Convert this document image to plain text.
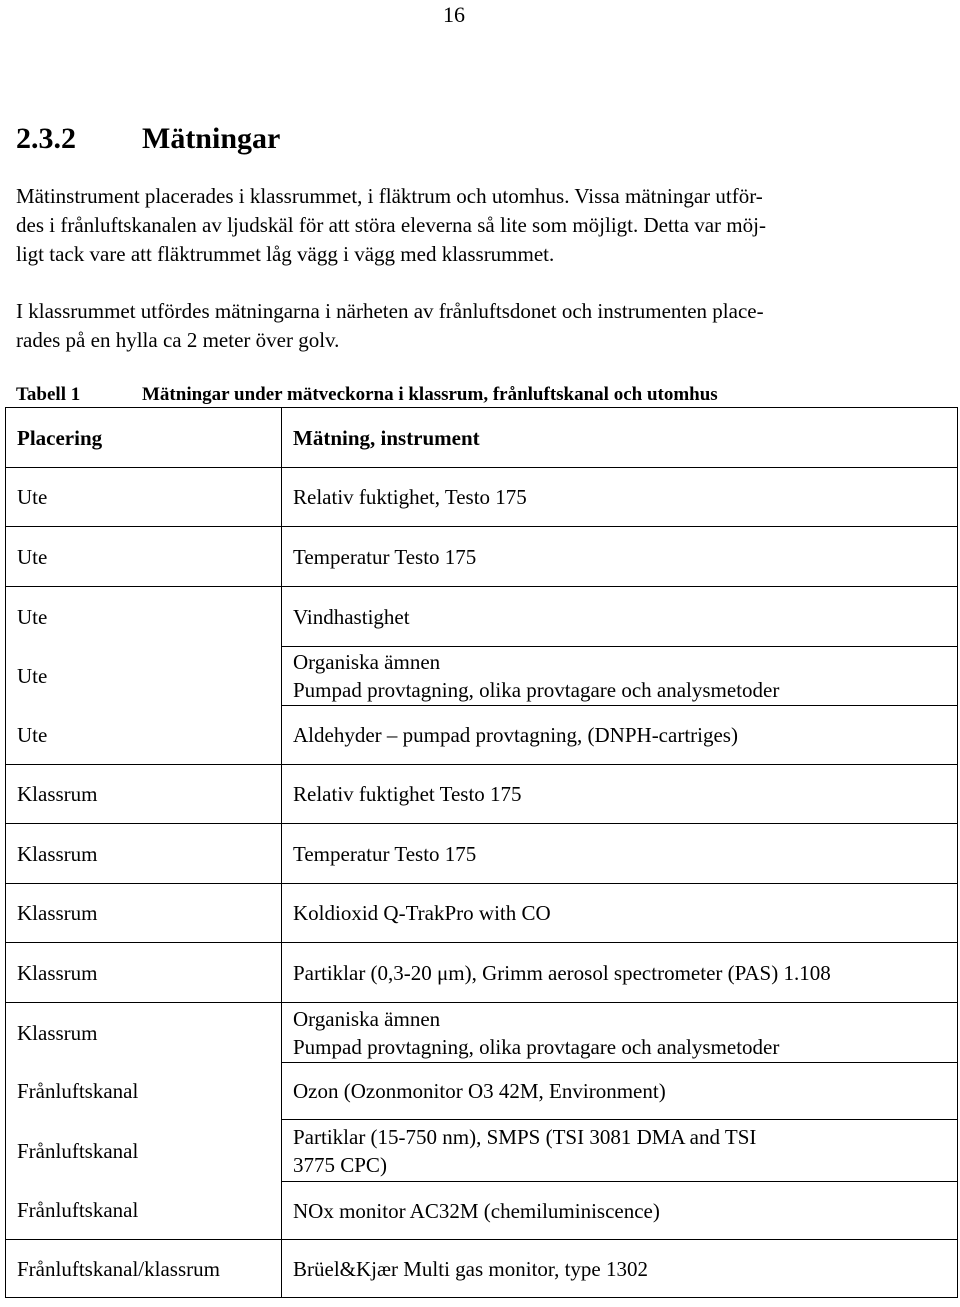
16
2.3.2 Mätningar

Mätinstrument placerades i klassrummet, i fläktrum och utomhus. Vissa mätningar utför-
des i frånluftskanalen av ljudskäl för att störa eleverna så lite som möjligt. Detta var möj-
ligt tack vare att fläktrummet låg vägg i vägg med klassrummet.

I klassrummet utfördes mätningarna i närheten av frånluftsdonet och instrumenten place-
rades på en hylla ca 2 meter över golv.

Tabell 1	Mätningar under mätveckorna i klassrum, frånluftskanal och utomhus
Placering	Mätning, instrument
Ute	Relativ fuktighet, Testo 175

Ute	Temperatur Testo 175

Ute	Vindhastighet

Ute	Organiska ämnen
Pumpad provtagning, olika provtagare och analysmetoder

Ute	Aldehyder – pumpad provtagning, (DNPH-cartriges)

Klassrum	Relativ fuktighet Testo 175

Klassrum	Temperatur Testo 175

Klassrum	Koldioxid Q-TrakPro with CO

Klassrum	Partiklar (0,3-20 μm), Grimm aerosol spectrometer (PAS) 1.108

Klassrum	Organiska ämnen
Pumpad provtagning, olika provtagare och analysmetoder

Frånluftskanal	Ozon (Ozonmonitor O3 42M, Environment)

Frånluftskanal	Partiklar (15-750 nm), SMPS (TSI 3081 DMA and TSI
3775 CPC)

Frånluftskanal	NOx monitor AC32M (chemiluminiscence)

Frånluftskanal/klassrum	Brüel&Kjær Multi gas monitor, type 1302
